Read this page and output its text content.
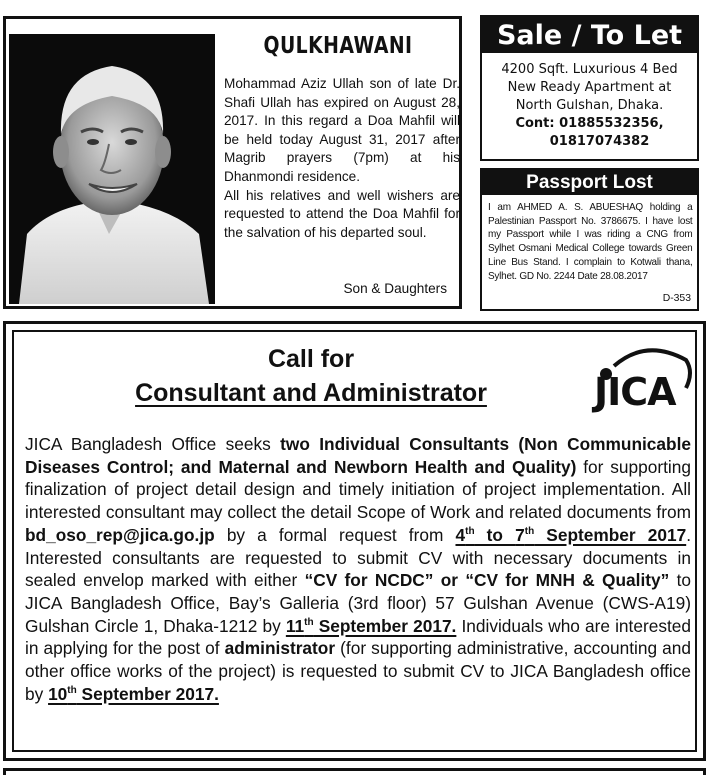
QULKHAWANI

Mohammad Aziz Ullah son of late Dr. Shafi Ullah has expired on August 28, 2017. In this regard a Doa Mahfil will be held today August 31, 2017 after Magrib prayers (7pm) at his Dhanmondi residence.

All his relatives and well wishers are requested to attend the Doa Mahfil for the salvation of his departed soul.

Son & Daughters
Sale / To Let
4200 Sqft. Luxurious 4 Bed
New Ready Apartment at
North Gulshan, Dhaka.
Cont: 01885532356,
01817074382
Passport Lost
I am AHMED A. S. ABUESHAQ holding a Palestinian Passport No. 3786675. I have lost my Passport while I was riding a CNG from Sylhet Osmani Medical College towards Green Line Bus Stand. I complain to Kotwali thana, Sylhet. GD No. 2244 Date 28.08.2017
D-353
Call for
Consultant and Administrator	JICA
JICA Bangladesh Office seeks two Individual Consultants (Non Communicable Diseases Control; and Maternal and Newborn Health and Quality) for supporting finalization of project detail design and timely initiation of project implementation. All interested consultant may collect the detail Scope of Work and related documents from bd_oso_rep@jica.go.jp by a formal request from 4th to 7th September 2017. Interested consultants are requested to submit CV with necessary documents in sealed envelop marked with either “CV for NCDC” or “CV for MNH & Quality” to JICA Bangladesh Office, Bay’s Galleria (3rd floor) 57 Gulshan Avenue (CWS-A19) Gulshan Circle 1, Dhaka-1212 by 11th September 2017. Individuals who are interested in applying for the post of administrator (for supporting administrative, accounting and other office works of the project) is requested to submit CV to JICA Bangladesh office by 10th September 2017.
